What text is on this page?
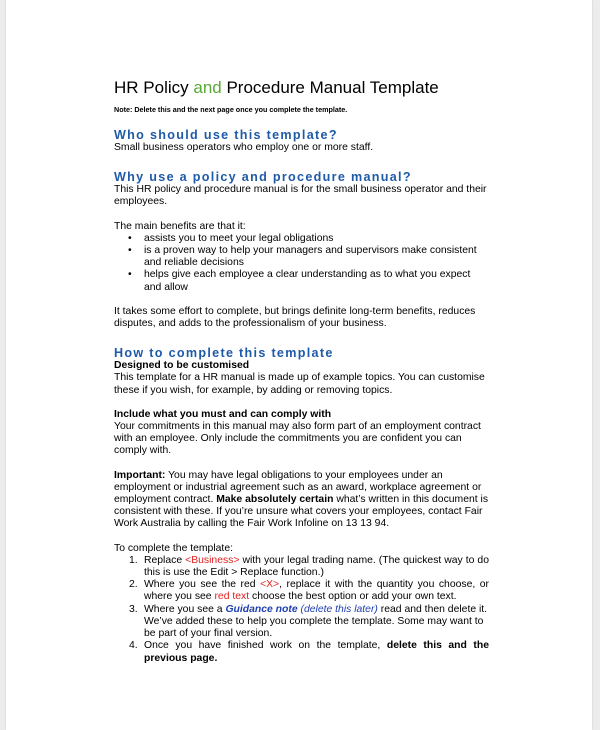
HR Policy and Procedure Manual Template

Note: Delete this and the next page once you complete the template.

Who should use this template?

Small business operators who employ one or more staff.

Why use a policy and procedure manual?

This HR policy and procedure manual is for the small business operator and their employees.

The main benefits are that it:

• assists you to meet your legal obligations
• is a proven way to help your managers and supervisors make consistent and reliable decisions
• helps give each employee a clear understanding as to what you expect and allow

It takes some effort to complete, but brings definite long-term benefits, reduces disputes, and adds to the professionalism of your business.

How to complete this template

Designed to be customised

This template for a HR manual is made up of example topics. You can customise these if you wish, for example, by adding or removing topics.

Include what you must and can comply with

Your commitments in this manual may also form part of an employment contract with an employee. Only include the commitments you are confident you can comply with.

Important: You may have legal obligations to your employees under an employment or industrial agreement such as an award, workplace agreement or employment contract. Make absolutely certain what’s written in this document is consistent with these. If you’re unsure what covers your employees, contact Fair Work Australia by calling the Fair Work Infoline on 13 13 94.

To complete the template:

1. Replace <Business> with your legal trading name. (The quickest way to do this is use the Edit > Replace function.)
2. Where you see the red <X>, replace it with the quantity you choose, or where you see red text choose the best option or add your own text.
3. Where you see a Guidance note (delete this later) read and then delete it. We’ve added these to help you complete the template. Some may want to be part of your final version.
4. Once you have finished work on the template, delete this and the previous page.
